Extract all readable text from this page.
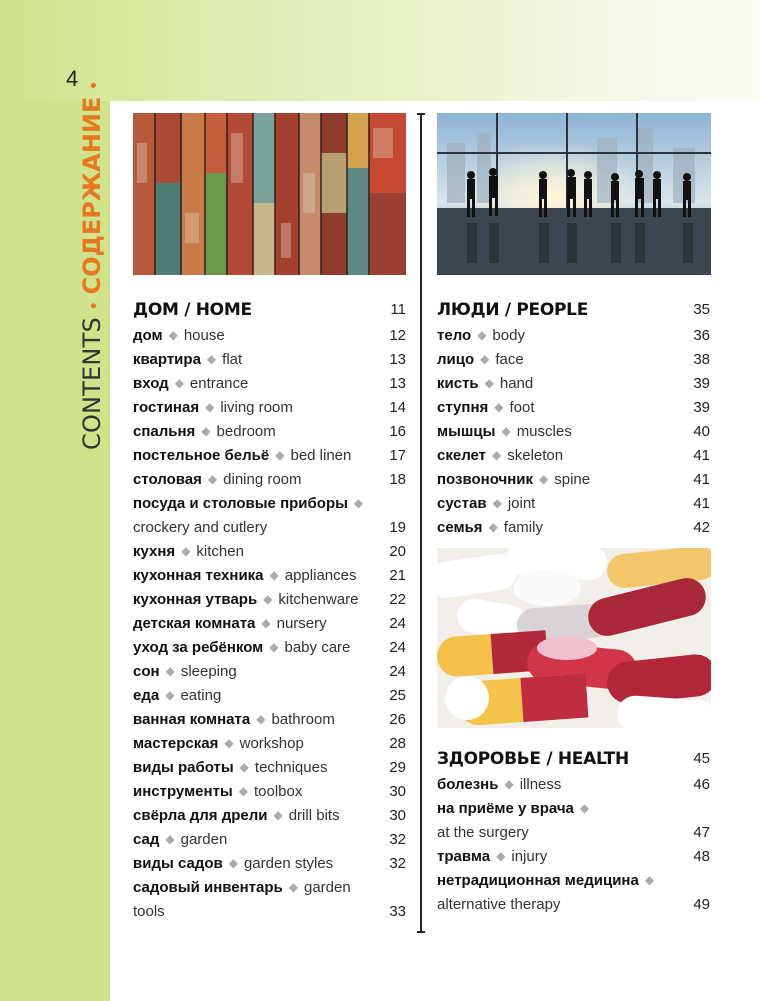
4
CONTENTS•СОДЕРЖАНИЕ•
ДОМ / HOME	11
дом ◆ house	12
квартира ◆ flat	13
вход ◆ entrance	13
гостиная ◆ living room	14
спальня ◆ bedroom	16
постельное бельё ◆ bed linen	17
столовая ◆ dining room	18
посуда и столовые приборы ◆
crockery and cutlery	19
кухня ◆ kitchen	20
кухонная техника ◆ appliances 21
кухонная утварь ◆ kitchenware 22
детская комната ◆ nursery	24
уход за ребёнком ◆ baby care	24
сон ◆ sleeping	24
еда ◆ eating	25
ванная комната ◆ bathroom	26
мастерская ◆ workshop	28
виды работы ◆ techniques	29
инструменты ◆ toolbox	30
свёрла для дрели ◆ drill bits	30
сад ◆ garden	32
виды садов ◆ garden styles	32
садовый инвентарь ◆ garden
tools	33
ЛЮДИ / PEOPLE	35
тело ◆ body	36
лицо ◆ face	38
кисть ◆ hand	39
ступня ◆ foot	39
мышцы ◆ muscles	40
скелет ◆ skeleton	41
позвоночник ◆ spine	41
сустав ◆ joint	41
семья ◆ family	42
ЗДОРОВЬЕ / HEALTH	45
болезнь ◆ illness	46
на приёме у врача ◆
at the surgery	47
травма ◆ injury	48
нетрадиционная медицина ◆
alternative therapy	49
